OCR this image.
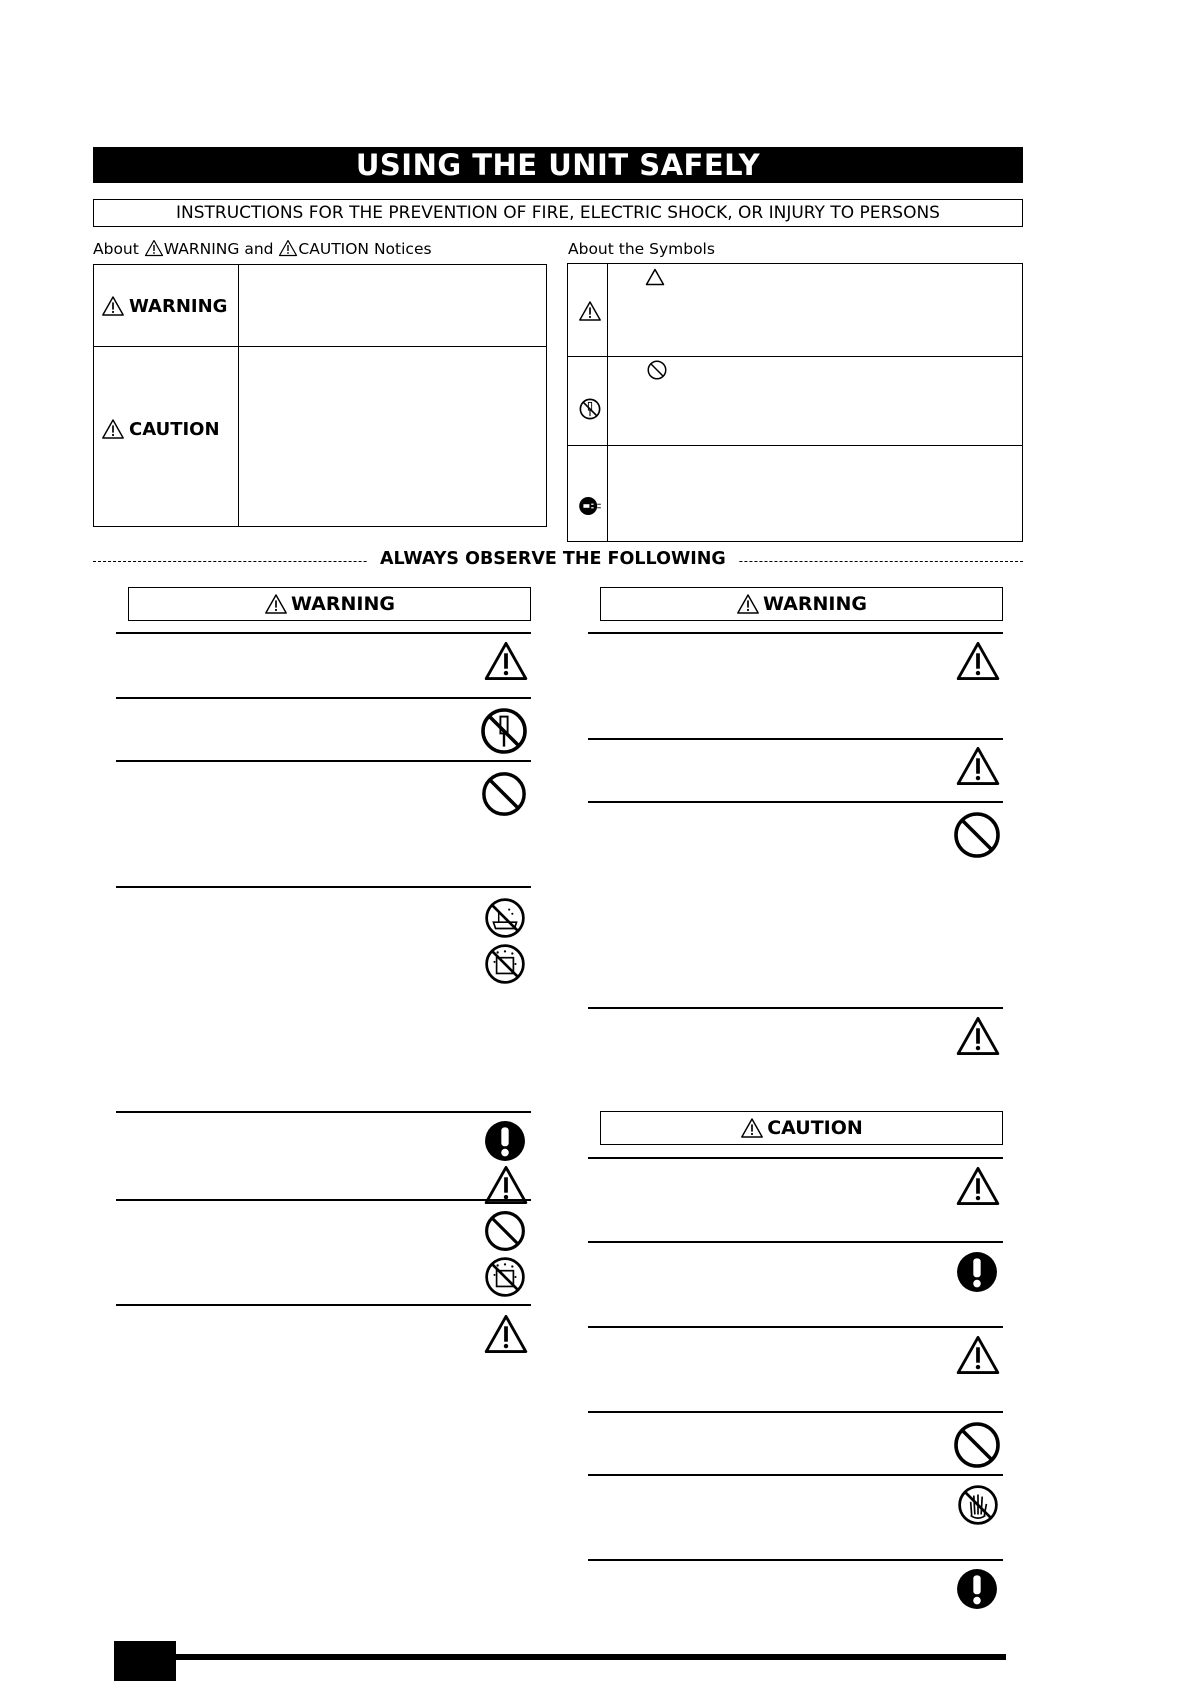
USING THE UNIT SAFELY
INSTRUCTIONS FOR THE PREVENTION OF FIRE, ELECTRIC SHOCK, OR INJURY TO PERSONS
About WARNING and CAUTION Notices	About the Symbols
WARNING
CAUTION
ALWAYS OBSERVE THE FOLLOWING
WARNING	WARNING
CAUTION
